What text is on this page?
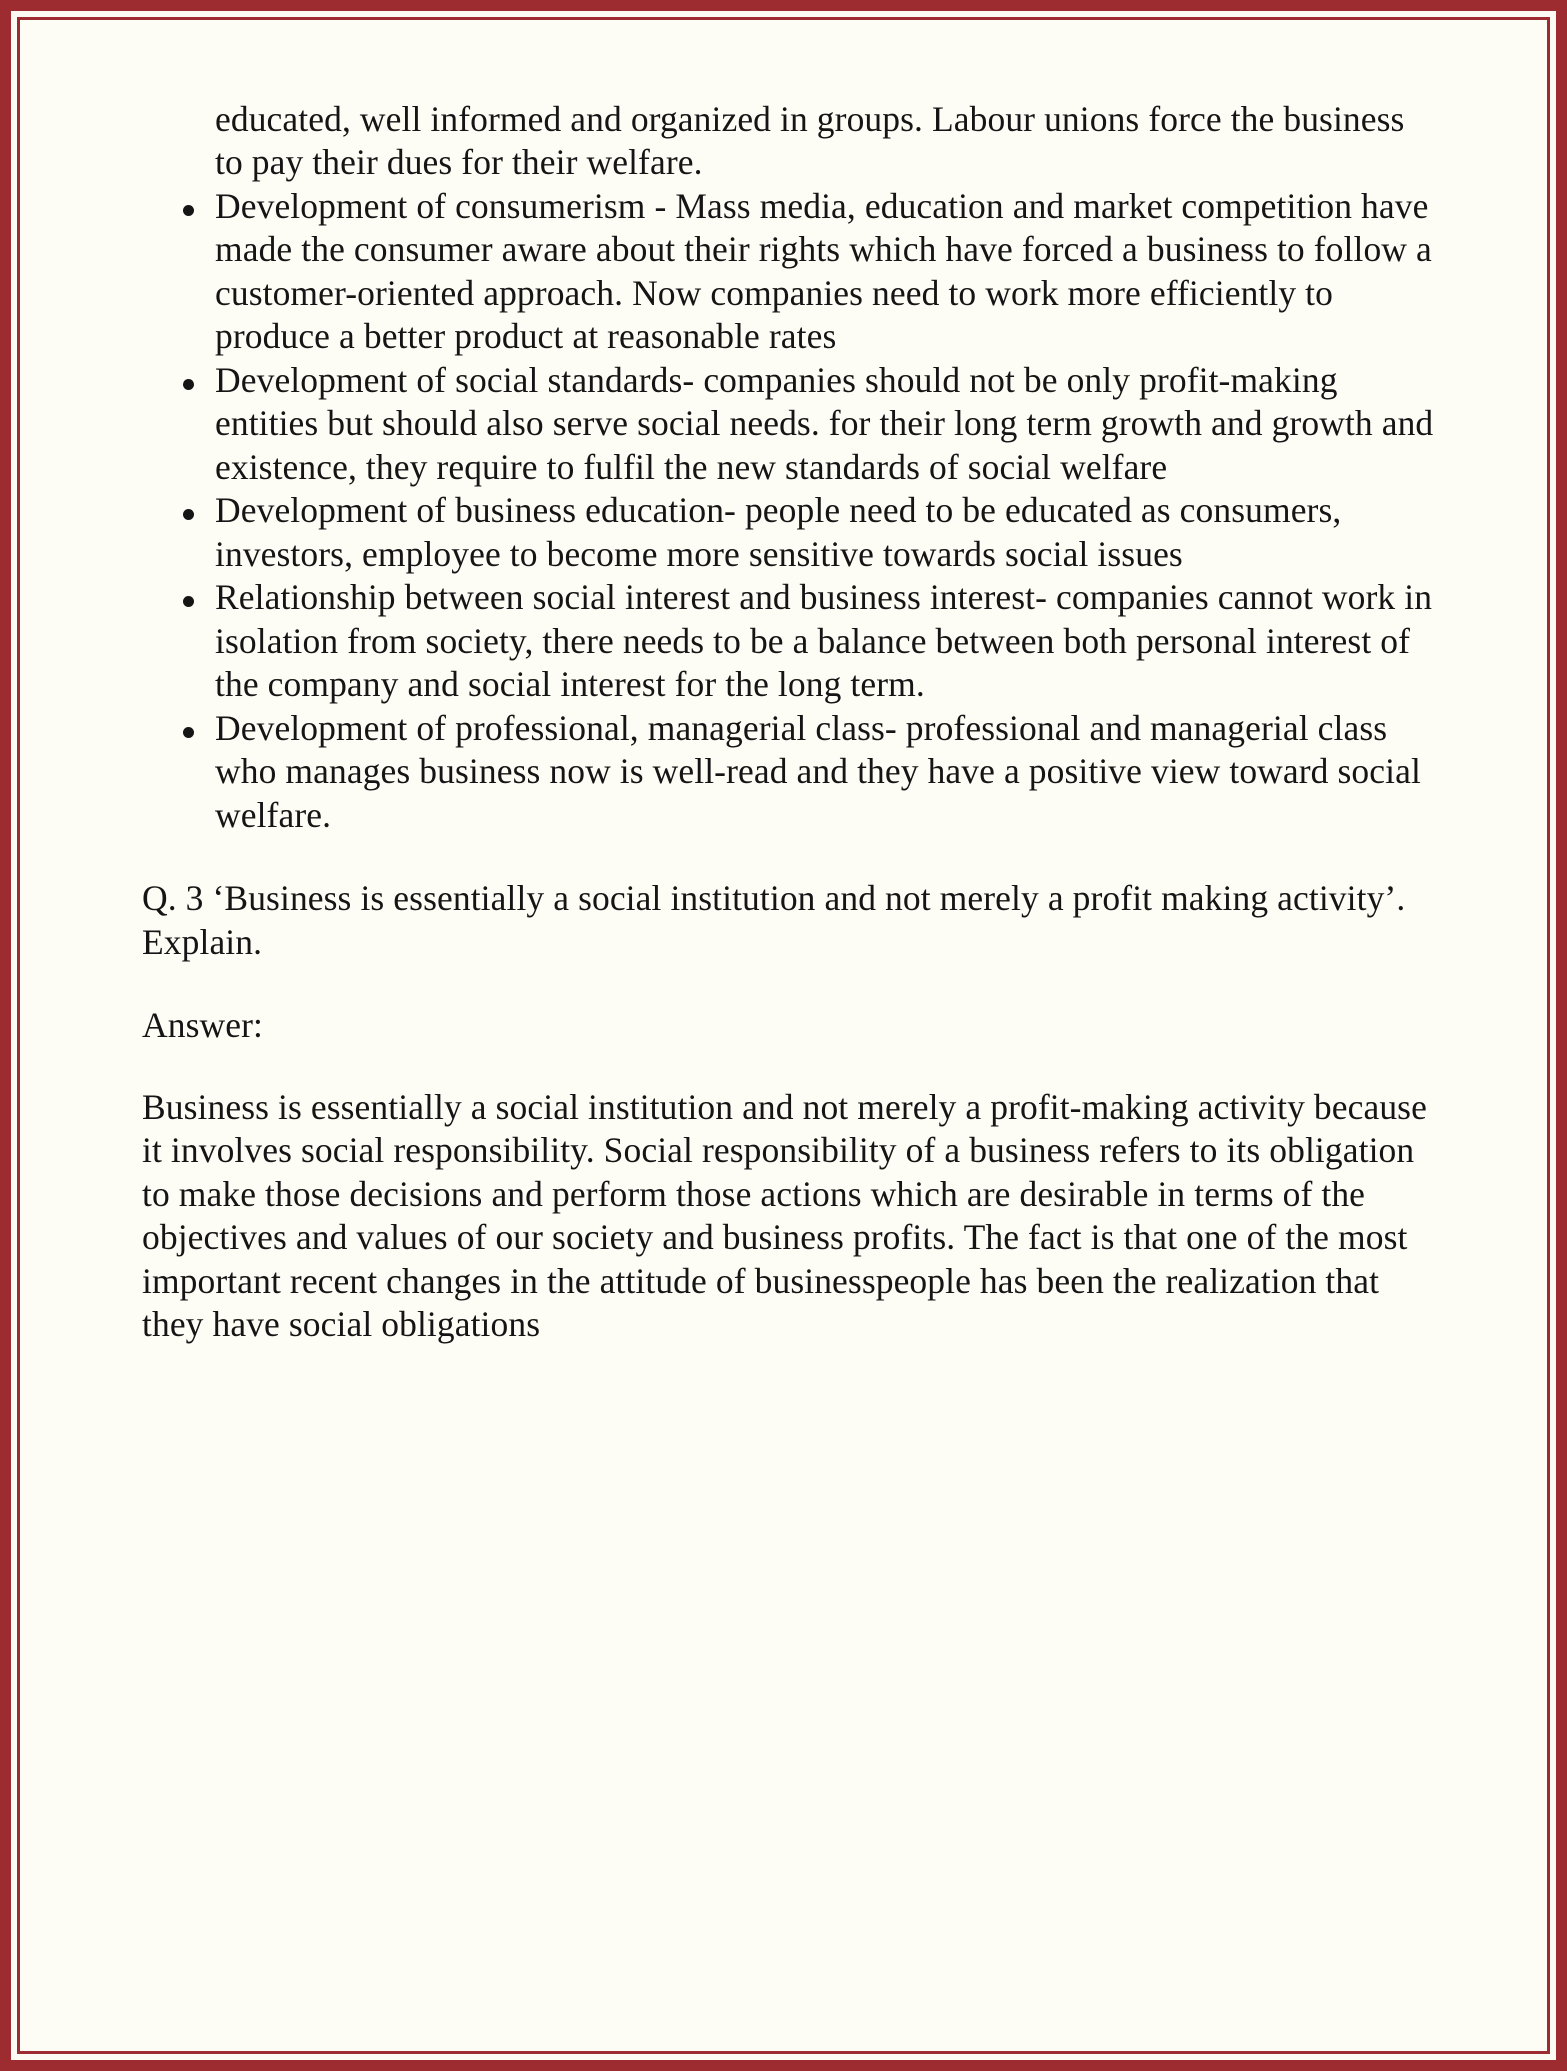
educated, well informed and organized in groups. Labour unions force the business to pay their dues for their welfare.
Development of consumerism - Mass media, education and market competition have made the consumer aware about their rights which have forced a business to follow a customer-oriented approach. Now companies need to work more efficiently to produce a better product at reasonable rates
Development of social standards- companies should not be only profit-making entities but should also serve social needs. for their long term growth and growth and existence, they require to fulfil the new standards of social welfare
Development of business education- people need to be educated as consumers, investors, employee to become more sensitive towards social issues
Relationship between social interest and business interest- companies cannot work in isolation from society, there needs to be a balance between both personal interest of the company and social interest for the long term.
Development of professional, managerial class- professional and managerial class who manages business now is well-read and they have a positive view toward social welfare.

Q. 3 ‘Business is essentially a social institution and not merely a profit making activity’. Explain.

Answer:

Business is essentially a social institution and not merely a profit-making activity because it involves social responsibility. Social responsibility of a business refers to its obligation to make those decisions and perform those actions which are desirable in terms of the objectives and values of our society and business profits. The fact is that one of the most important recent changes in the attitude of businesspeople has been the realization that they have social obligations
